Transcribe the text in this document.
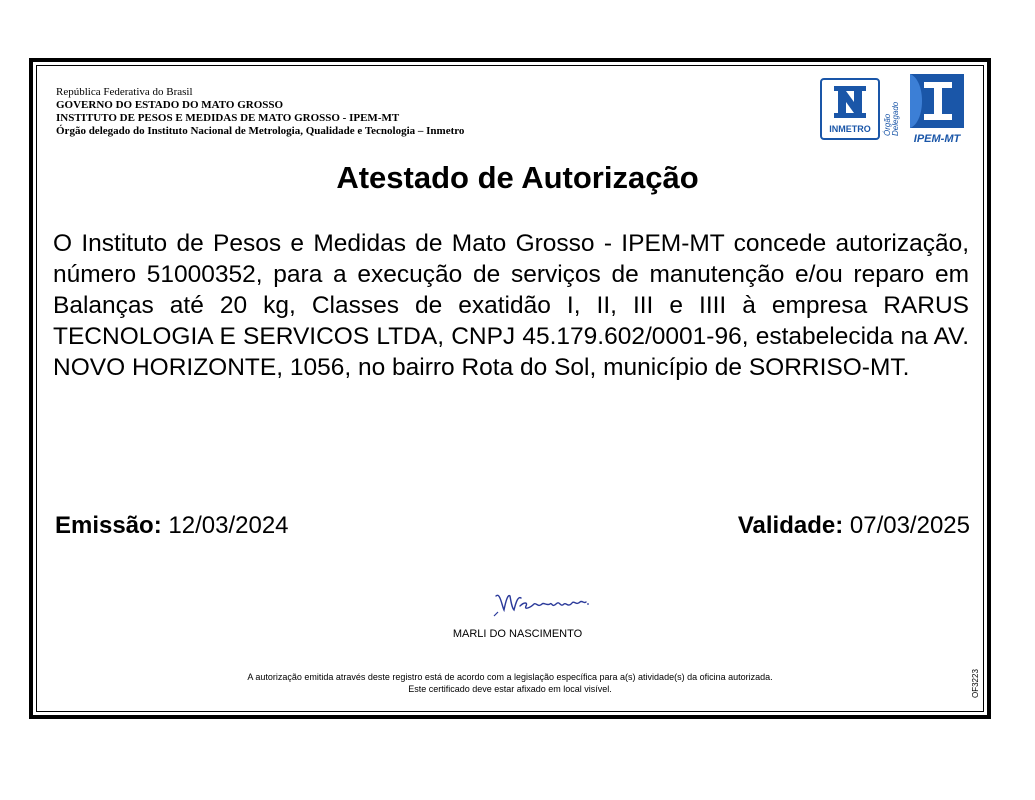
República Federativa do Brasil
GOVERNO DO ESTADO DO MATO GROSSO
INSTITUTO DE PESOS E MEDIDAS DE MATO GROSSO - IPEM-MT
Órgão delegado do Instituto Nacional de Metrologia, Qualidade e Tecnologia – Inmetro	INMETRO Órgão Delegado
IPEM-MT
Atestado de Autorização
O Instituto de Pesos e Medidas de Mato Grosso - IPEM-MT concede autorização, número 51000352, para a execução de serviços de manutenção e/ou reparo em Balanças até 20 kg, Classes de exatidão I, II, III e IIII à empresa RARUS TECNOLOGIA E SERVICOS LTDA, CNPJ 45.179.602/0001-96, estabelecida na AV. NOVO HORIZONTE, 1056, no bairro Rota do Sol, município de SORRISO-MT.
Emissão: 12/03/2024	Validade: 07/03/2025
MARLI DO NASCIMENTO
A autorização emitida através deste registro está de acordo com a legislação específica para a(s) atividade(s) da oficina autorizada.
Este certificado deve estar afixado em local visível.	OF3223
